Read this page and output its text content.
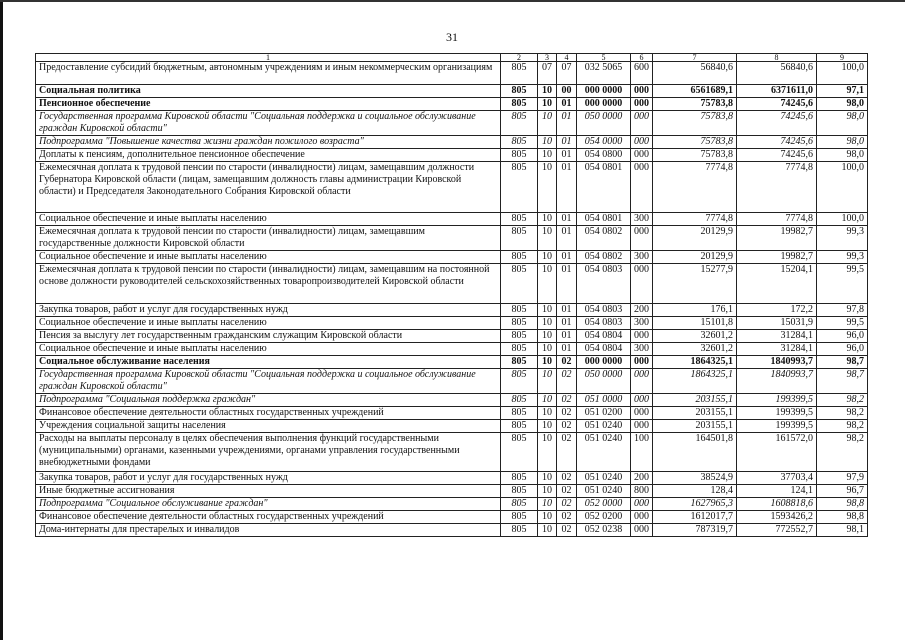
31
1	2	3	4	5	6	7	8	9
Предоставление субсидий бюджетным, автономным учреждениям и иным некоммерческим организациям	805	07	07	032 5065	600	56840,6	56840,6	100,0
Социальная политика	805	10	00	000 0000	000	6561689,1	6371611,0	97,1
Пенсионное обеспечение	805	10	01	000 0000	000	75783,8	74245,6	98,0
Государственная программа Кировской области "Социальная поддержка и социальное обслуживание граждан Кировской области"	805	10	01	050 0000	000	75783,8	74245,6	98,0
Подпрограмма "Повышение качества жизни граждан пожилого возраста"	805	10	01	054 0000	000	75783,8	74245,6	98,0
Доплаты к пенсиям, дополнительное пенсионное обеспечение	805	10	01	054 0800	000	75783,8	74245,6	98,0
Ежемесячная доплата к трудовой пенсии по старости (инвалидности) лицам, замещавшим должности Губернатора Кировской области (лицам, замещавшим должность главы администрации Кировской области) и Председателя Законодательного Собрания Кировской области	805	10	01	054 0801	000	7774,8	7774,8	100,0
Социальное обеспечение и иные выплаты населению	805	10	01	054 0801	300	7774,8	7774,8	100,0
Ежемесячная доплата к трудовой пенсии по старости (инвалидности) лицам, замещавшим государственные должности Кировской области	805	10	01	054 0802	000	20129,9	19982,7	99,3
Социальное обеспечение и иные выплаты населению	805	10	01	054 0802	300	20129,9	19982,7	99,3
Ежемесячная доплата к трудовой пенсии по старости (инвалидности) лицам, замещавшим на постоянной основе должности руководителей сельскохозяйственных товаропроизводителей Кировской области	805	10	01	054 0803	000	15277,9	15204,1	99,5
Закупка товаров, работ и услуг для государственных нужд	805	10	01	054 0803	200	176,1	172,2	97,8
Социальное обеспечение и иные выплаты населению	805	10	01	054 0803	300	15101,8	15031,9	99,5
Пенсия за выслугу лет государственным гражданским служащим Кировской области	805	10	01	054 0804	000	32601,2	31284,1	96,0
Социальное обеспечение и иные выплаты населению	805	10	01	054 0804	300	32601,2	31284,1	96,0
Социальное обслуживание населения	805	10	02	000 0000	000	1864325,1	1840993,7	98,7
Государственная программа Кировской области "Социальная поддержка и социальное обслуживание граждан Кировской области"	805	10	02	050 0000	000	1864325,1	1840993,7	98,7
Подпрограмма "Социальная поддержка граждан"	805	10	02	051 0000	000	203155,1	199399,5	98,2
Финансовое обеспечение деятельности областных государственных учреждений	805	10	02	051 0200	000	203155,1	199399,5	98,2
Учреждения социальной защиты населения	805	10	02	051 0240	000	203155,1	199399,5	98,2
Расходы на выплаты персоналу в целях обеспечения выполнения функций государственными (муниципальными) органами, казенными учреждениями, органами управления государственными внебюджетными фондами	805	10	02	051 0240	100	164501,8	161572,0	98,2
Закупка товаров, работ и услуг для государственных нужд	805	10	02	051 0240	200	38524,9	37703,4	97,9
Иные бюджетные ассигнования	805	10	02	051 0240	800	128,4	124,1	96,7
Подпрограмма "Социальное обслуживание граждан"	805	10	02	052 0000	000	1627965,3	1608818,6	98,8
Финансовое обеспечение деятельности областных государственных учреждений	805	10	02	052 0200	000	1612017,7	1593426,2	98,8
Дома-интернаты для престарелых и инвалидов	805	10	02	052 0238	000	787319,7	772552,7	98,1
